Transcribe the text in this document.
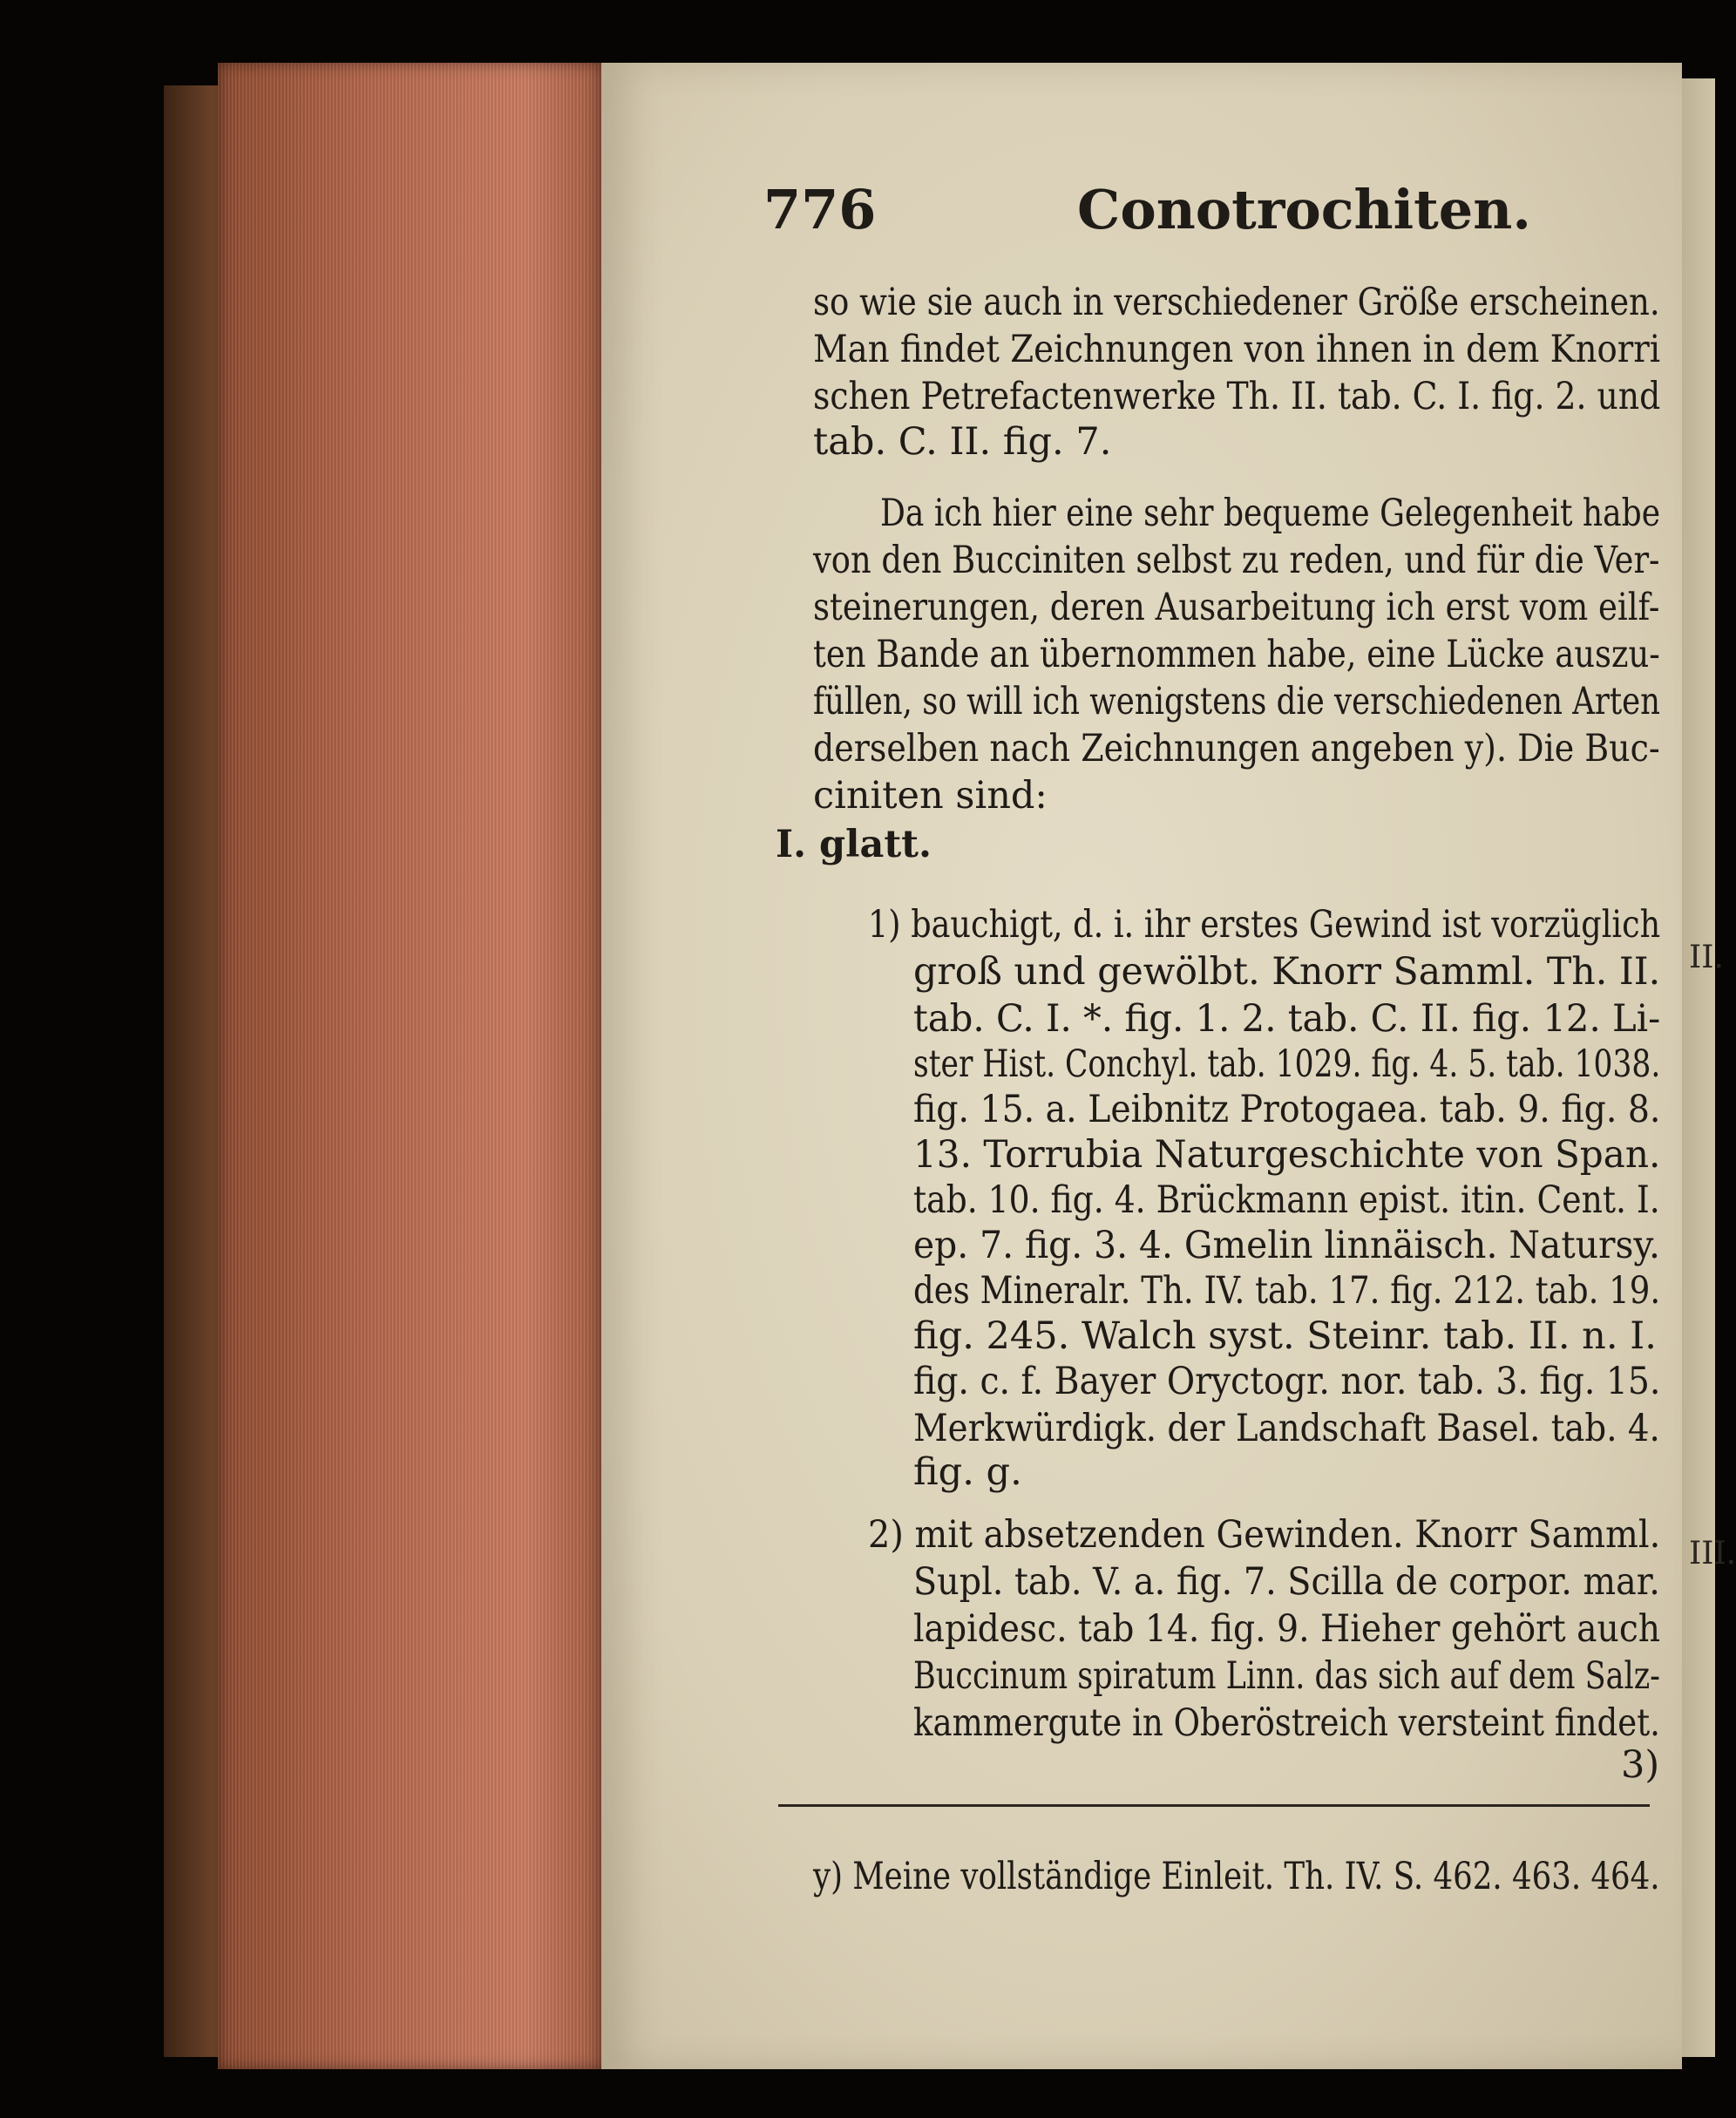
II.
III.
776	Conotrochiten.
so wie sie auch in verschiedener Größe erscheinen.
Man findet Zeichnungen von ihnen in dem Knorri
schen Petrefactenwerke Th. II. tab. C. I. fig. 2. und
tab. C. II. fig. 7.
Da ich hier eine sehr bequeme Gelegenheit habe
von den Bucciniten selbst zu reden, und für die Ver-
steinerungen, deren Ausarbeitung ich erst vom eilf-
ten Bande an übernommen habe, eine Lücke auszu-
füllen, so will ich wenigstens die verschiedenen Arten
derselben nach Zeichnungen angeben y). Die Buc-
ciniten sind:
I. glatt.
1) bauchigt, d. i. ihr erstes Gewind ist vorzüglich
groß und gewölbt. Knorr Samml. Th. II.
tab. C. I. *. fig. 1. 2. tab. C. II. fig. 12. Li-
ster Hist. Conchyl. tab. 1029. fig. 4. 5. tab. 1038.
fig. 15. a. Leibnitz Protogaea. tab. 9. fig. 8.
13. Torrubia Naturgeschichte von Span.
tab. 10. fig. 4. Brückmann epist. itin. Cent. I.
ep. 7. fig. 3. 4. Gmelin linnäisch. Natursy.
des Mineralr. Th. IV. tab. 17. fig. 212. tab. 19.
fig. 245. Walch syst. Steinr. tab. II. n. I.
fig. c. f. Bayer Oryctogr. nor. tab. 3. fig. 15.
Merkwürdigk. der Landschaft Basel. tab. 4.
fig. g.
2) mit absetzenden Gewinden. Knorr Samml.
Supl. tab. V. a. fig. 7. Scilla de corpor. mar.
lapidesc. tab 14. fig. 9. Hieher gehört auch
Buccinum spiratum Linn. das sich auf dem Salz-
kammergute in Oberöstreich versteint findet.
3)
y) Meine vollständige Einleit. Th. IV. S. 462. 463. 464.
